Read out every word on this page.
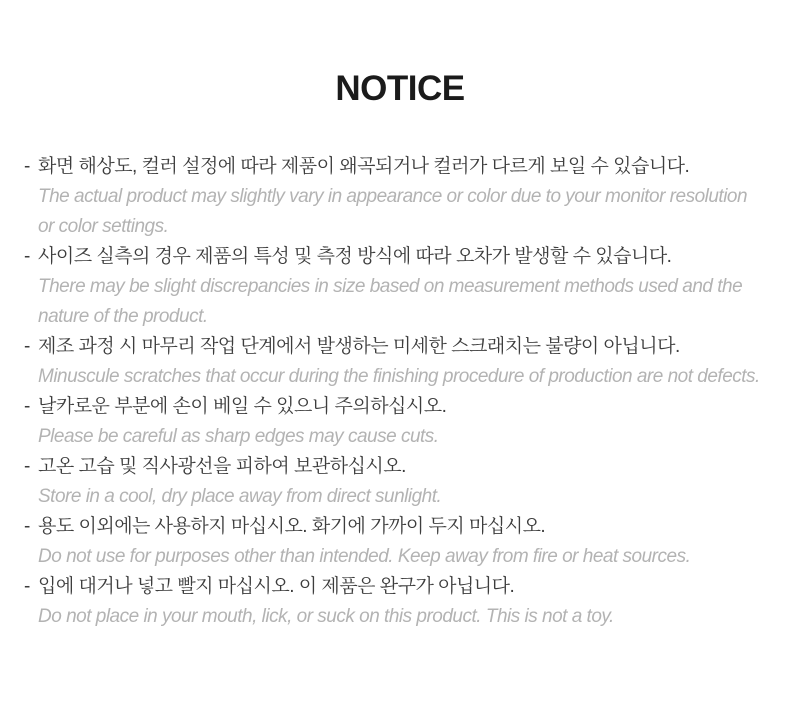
NOTICE

- 화면 해상도, 컬러 설정에 따라 제품이 왜곡되거나 컬러가 다르게 보일 수 있습니다.

The actual product may slightly vary in appearance or color due to your monitor resolution or color settings.

- 사이즈 실측의 경우 제품의 특성 및 측정 방식에 따라 오차가 발생할 수 있습니다.

There may be slight discrepancies in size based on measurement methods used and the nature of the product.

- 제조 과정 시 마무리 작업 단계에서 발생하는 미세한 스크래치는 불량이 아닙니다.

Minuscule scratches that occur during the finishing procedure of production are not defects.

- 날카로운 부분에 손이 베일 수 있으니 주의하십시오.

Please be careful as sharp edges may cause cuts.

- 고온 고습 및 직사광선을 피하여 보관하십시오.

Store in a cool, dry place away from direct sunlight.

- 용도 이외에는 사용하지 마십시오. 화기에 가까이 두지 마십시오.

Do not use for purposes other than intended. Keep away from fire or heat sources.

- 입에 대거나 넣고 빨지 마십시오. 이 제품은 완구가 아닙니다.

Do not place in your mouth, lick, or suck on this product. This is not a toy.
